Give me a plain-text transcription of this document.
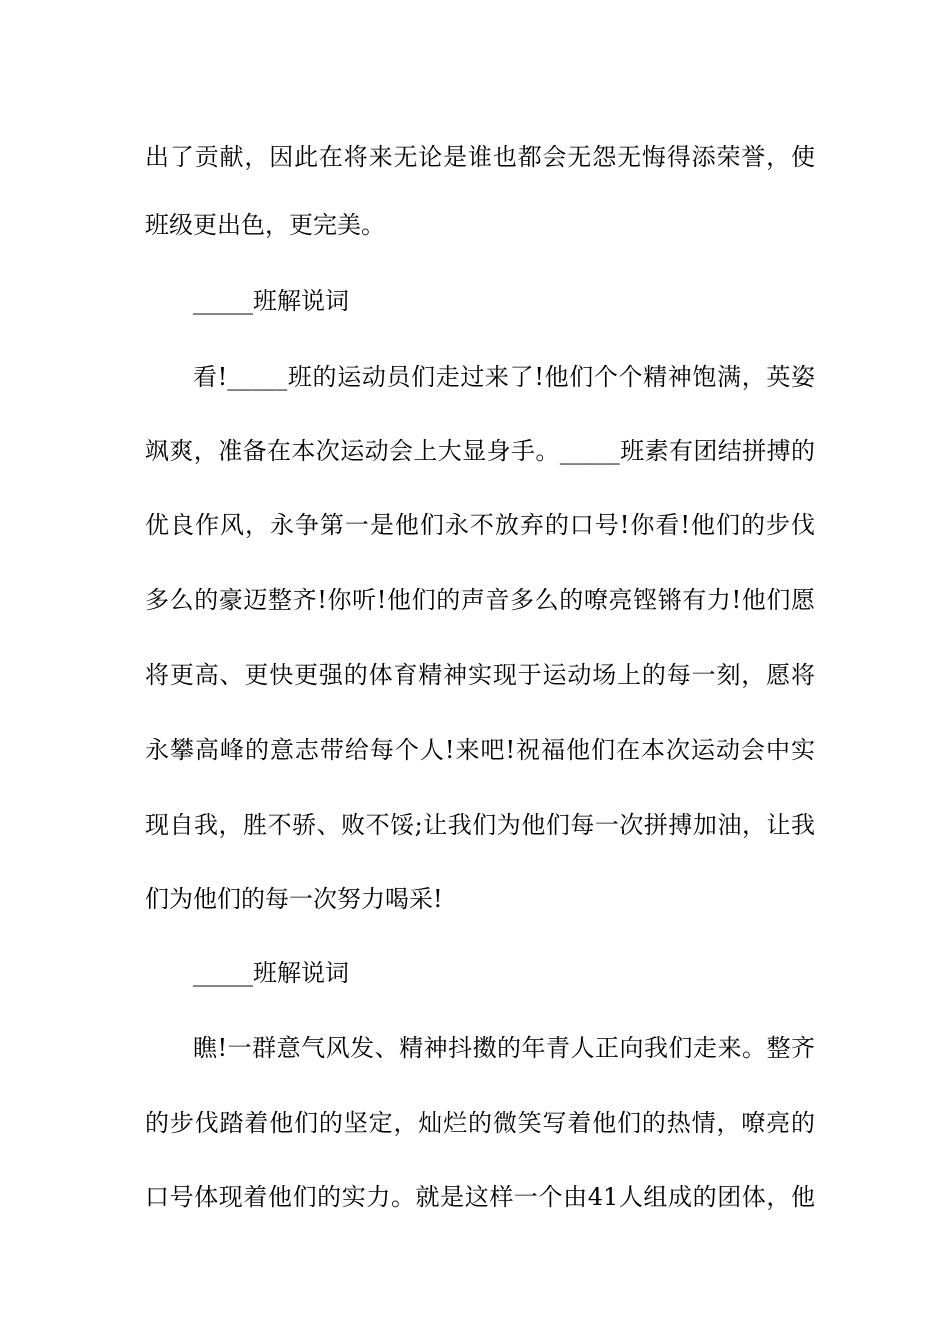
出了贡献，因此在将来无论是谁也都会无怨无悔得添荣誉，使
班级更出色，更完美。
_____班解说词
看!_____班的运动员们走过来了!他们个个精神饱满，英姿
飒爽，准备在本次运动会上大显身手。_____班素有团结拼搏的
优良作风，永争第一是他们永不放弃的口号!你看!他们的步伐
多么的豪迈整齐!你听!他们的声音多么的嘹亮铿锵有力!他们愿
将更高、更快更强的体育精神实现于运动场上的每一刻，愿将
永攀高峰的意志带给每个人!来吧!祝福他们在本次运动会中实
现自我，胜不骄、败不馁;让我们为他们每一次拼搏加油，让我
们为他们的每一次努力喝采!
_____班解说词
瞧!一群意气风发、精神抖擞的年青人正向我们走来。整齐
的步伐踏着他们的坚定，灿烂的微笑写着他们的热情，嘹亮的
口号体现着他们的实力。就是这样一个由41人组成的团体，他
